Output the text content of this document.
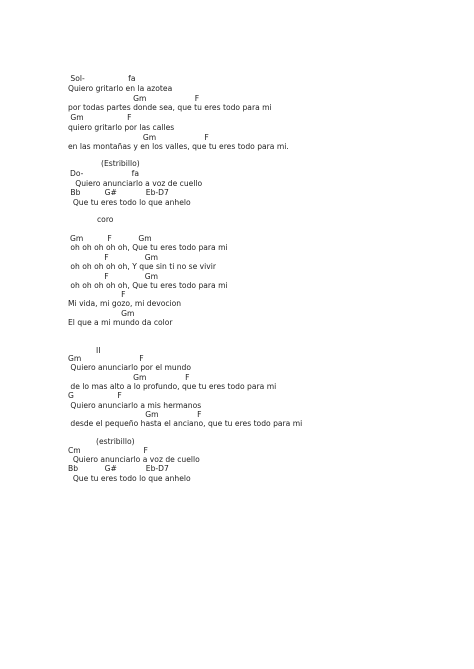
Sol-                  fa
Quiero gritarlo en la azotea
Gm                    F
por todas partes donde sea, que tu eres todo para mi
Gm                  F
quiero gritarlo por las calles
Gm                    F
en las montañas y en los valles, que tu eres todo para mi.
(Estribillo)
Do-                    fa
Quiero anunciarlo a voz de cuello
Bb          G#            Eb-D7
Que tu eres todo lo que anhelo
coro
Gm          F           Gm
oh oh oh oh oh, Que tu eres todo para mi
F               Gm
oh oh oh oh oh, Y que sin ti no se vivir
F               Gm
oh oh oh oh oh, Que tu eres todo para mi
F
Mi vida, mi gozo, mi devocion
Gm
El que a mi mundo da color
II
Gm                        F
Quiero anunciarlo por el mundo
Gm                F
de lo mas alto a lo profundo, que tu eres todo para mi
G                  F
Quiero anunciarlo a mis hermanos
Gm                F
desde el pequeño hasta el anciano, que tu eres todo para mi
(estribillo)
Cm                          F
Quiero anunciarlo a voz de cuello
Bb           G#            Eb-D7
Que tu eres todo lo que anhelo
